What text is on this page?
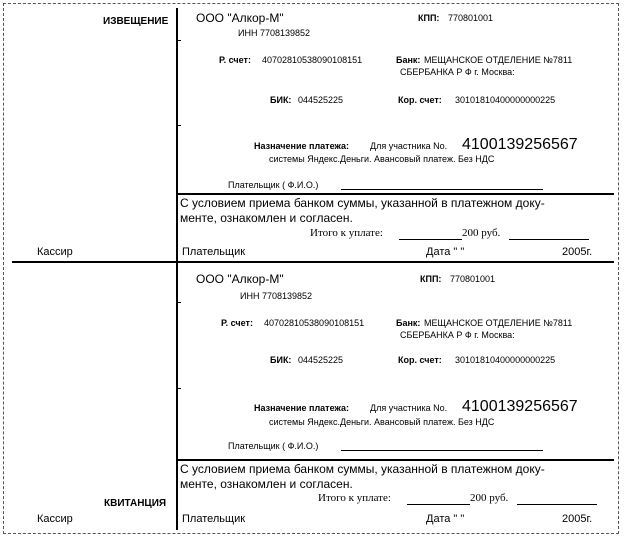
ИЗВЕЩЕНИЕ ООО "Алкор-М"	КПП: 770801001
ИНН 7708139852
Р. счет: 40702810538090108151	Банк: МЕЩАНСКОЕ ОТДЕЛЕНИЕ №7811
СБЕРБАНКА Р Ф г. Москва:
БИК: 044525225	Кор. счет: 30101810400000000225
Назначение платежа: Для участника No. 4100139256567
системы Яндекс.Деньги. Авансовый платеж. Без НДС
Плательщик ( Ф.И.О.)
С условием приема банком суммы, указанной в платежном доку-
менте, ознакомлен и согласен.
Итого к уплате:	200 руб.
Кассир	Плательщик	Дата " "	2005г.
ООО "Алкор-М"	КПП: 770801001
ИНН 7708139852
Р. счет: 40702810538090108151	Банк: МЕЩАНСКОЕ ОТДЕЛЕНИЕ №7811
СБЕРБАНКА Р Ф г. Москва:
БИК: 044525225	Кор. счет: 30101810400000000225
Назначение платежа: Для участника No. 4100139256567
системы Яндекс.Деньги. Авансовый платеж. Без НДС
Плательщик ( Ф.И.О.)
С условием приема банком суммы, указанной в платежном доку-
менте, ознакомлен и согласен.
КВИТАНЦИЯ	Итого к уплате:	200 руб.
Кассир	Плательщик	Дата " "	2005г.
